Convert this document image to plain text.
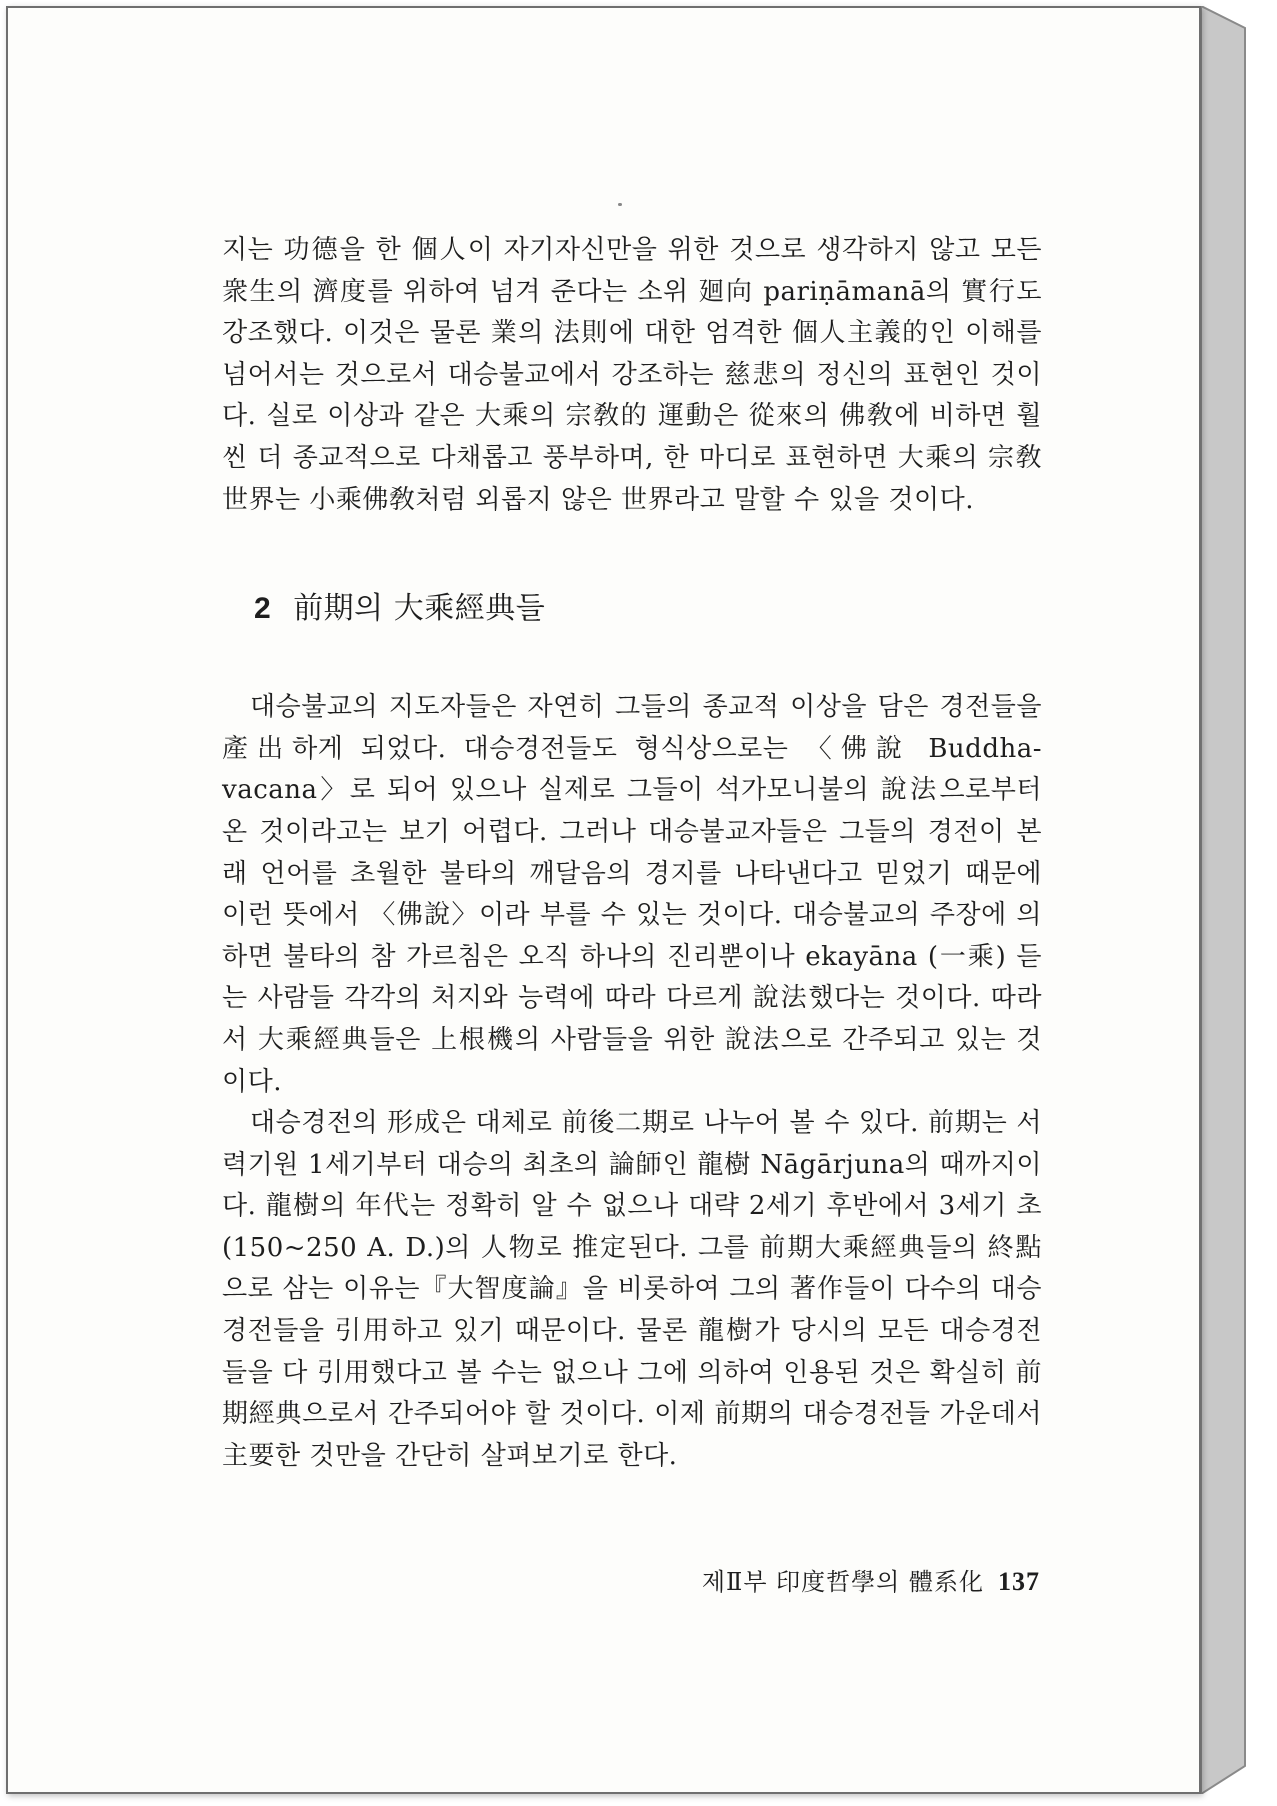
지는 功德을 한 個人이 자기자신만을 위한 것으로 생각하지 않고 모든 衆生의 濟度를 위하여 넘겨 준다는 소위 廻向 pariṇāmanā의 實行도 강조했다. 이것은 물론 業의 法則에 대한 엄격한 個人主義的인 이해를 넘어서는 것으로서 대승불교에서 강조하는 慈悲의 정신의 표현인 것이다. 실로 이상과 같은 大乘의 宗敎的 運動은 從來의 佛敎에 비하면 훨씬 더 종교적으로 다채롭고 풍부하며, 한 마디로 표현하면 大乘의 宗敎世界는 小乘佛敎처럼 외롭지 않은 世界라고 말할 수 있을 것이다.

2 前期의 大乘經典들

대승불교의 지도자들은 자연히 그들의 종교적 이상을 담은 경전들을 產出하게 되었다. 대승경전들도 형식상으로는 〈佛說 Buddha-vacana〉로 되어 있으나 실제로 그들이 석가모니불의 說法으로부터 온 것이라고는 보기 어렵다. 그러나 대승불교자들은 그들의 경전이 본래 언어를 초월한 불타의 깨달음의 경지를 나타낸다고 믿었기 때문에 이런 뜻에서 〈佛說〉이라 부를 수 있는 것이다. 대승불교의 주장에 의하면 불타의 참 가르침은 오직 하나의 진리뿐이나 ekayāna (一乘) 듣는 사람들 각각의 처지와 능력에 따라 다르게 說法했다는 것이다. 따라서 大乘經典들은 上根機의 사람들을 위한 說法으로 간주되고 있는 것이다.

대승경전의 形成은 대체로 前後二期로 나누어 볼 수 있다. 前期는 서력기원 1세기부터 대승의 최초의 論師인 龍樹 Nāgārjuna의 때까지이다. 龍樹의 年代는 정확히 알 수 없으나 대략 2세기 후반에서 3세기 초(150~250 A. D.)의 人物로 推定된다. 그를 前期大乘經典들의 終點으로 삼는 이유는『大智度論』을 비롯하여 그의 著作들이 다수의 대승경전들을 引用하고 있기 때문이다. 물론 龍樹가 당시의 모든 대승경전들을 다 引用했다고 볼 수는 없으나 그에 의하여 인용된 것은 확실히 前期經典으로서 간주되어야 할 것이다. 이제 前期의 대승경전들 가운데서 主要한 것만을 간단히 살펴보기로 한다.

제Ⅱ부 印度哲學의 體系化 137
